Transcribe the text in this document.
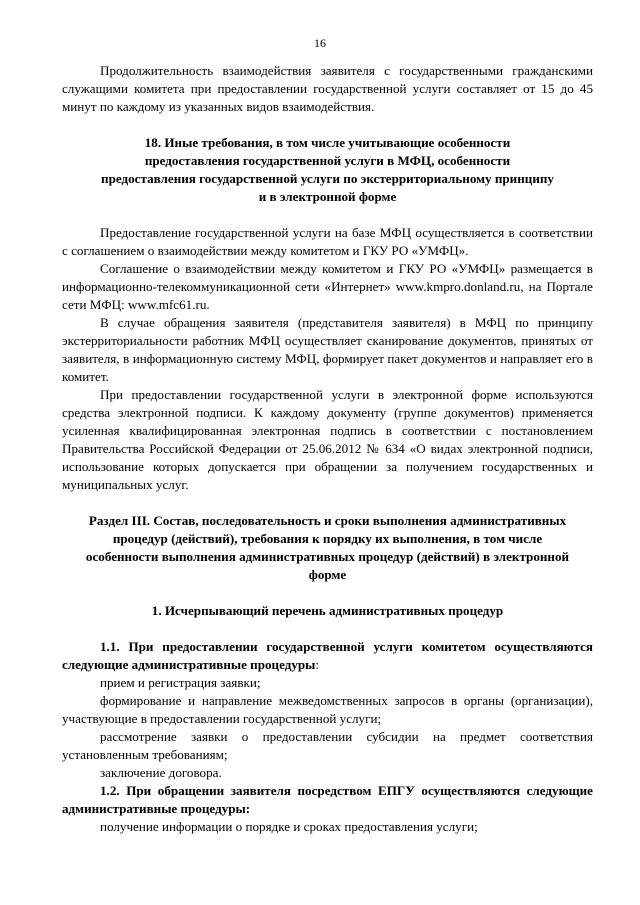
16

Продолжительность взаимодействия заявителя с государственными гражданскими служащими комитета при предоставлении государственной услуги составляет от 15 до 45 минут по каждому из указанных видов взаимодействия.

18. Иные требования, в том числе учитывающие особенности предоставления государственной услуги в МФЦ, особенности предоставления государственной услуги по экстерриториальному принципу и в электронной форме

Предоставление государственной услуги на базе МФЦ осуществляется в соответствии с соглашением о взаимодействии между комитетом и ГКУ РО «УМФЦ».

Соглашение о взаимодействии между комитетом и ГКУ РО «УМФЦ» размещается в информационно-телекоммуникационной сети «Интернет» www.kmpro.donland.ru, на Портале сети МФЦ: www.mfc61.ru.

В случае обращения заявителя (представителя заявителя) в МФЦ по принципу экстерриториальности работник МФЦ осуществляет сканирование документов, принятых от заявителя, в информационную систему МФЦ, формирует пакет документов и направляет его в комитет.

При предоставлении государственной услуги в электронной форме используются средства электронной подписи. К каждому документу (группе документов) применяется усиленная квалифицированная электронная подпись в соответствии с постановлением Правительства Российской Федерации от 25.06.2012 № 634 «О видах электронной подписи, использование которых допускается при обращении за получением государственных и муниципальных услуг.

Раздел III. Состав, последовательность и сроки выполнения административных процедур (действий), требования к порядку их выполнения, в том числе особенности выполнения административных процедур (действий) в электронной форме

1. Исчерпывающий перечень административных процедур

1.1. При предоставлении государственной услуги комитетом осуществляются следующие административные процедуры:

прием и регистрация заявки;

формирование и направление межведомственных запросов в органы (организации), участвующие в предоставлении государственной услуги;

рассмотрение заявки о предоставлении субсидии на предмет соответствия установленным требованиям;

заключение договора.

1.2. При обращении заявителя посредством ЕПГУ осуществляются следующие административные процедуры:

получение информации о порядке и сроках предоставления услуги;
